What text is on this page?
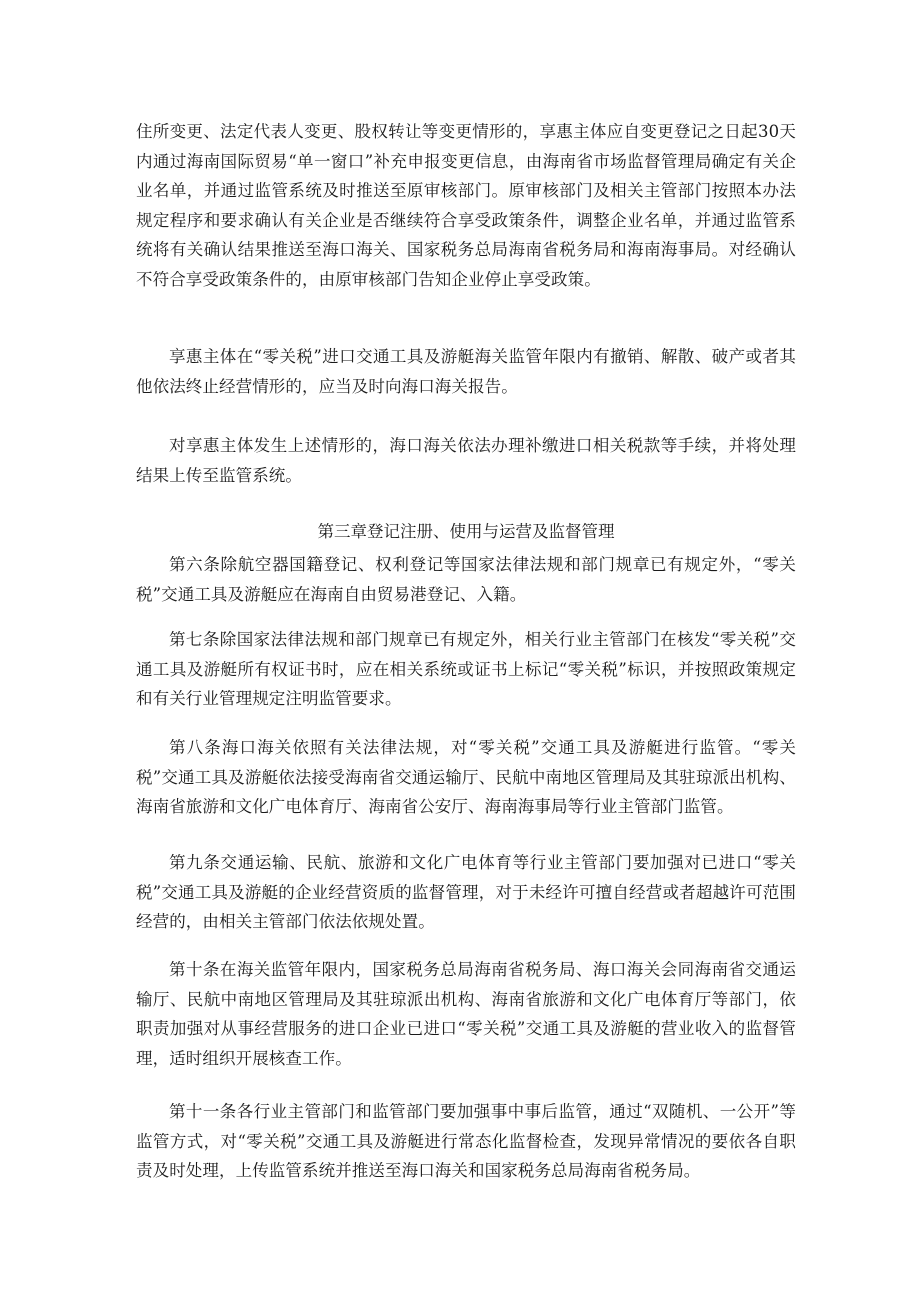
住所变更、法定代表人变更、股权转让等变更情形的，享惠主体应自变更登记之日起30天内通过海南国际贸易“单一窗口”补充申报变更信息，由海南省市场监督管理局确定有关企业名单，并通过监管系统及时推送至原审核部门。原审核部门及相关主管部门按照本办法规定程序和要求确认有关企业是否继续符合享受政策条件，调整企业名单，并通过监管系统将有关确认结果推送至海口海关、国家税务总局海南省税务局和海南海事局。对经确认不符合享受政策条件的，由原审核部门告知企业停止享受政策。

享惠主体在“零关税”进口交通工具及游艇海关监管年限内有撤销、解散、破产或者其他依法终止经营情形的，应当及时向海口海关报告。

对享惠主体发生上述情形的，海口海关依法办理补缴进口相关税款等手续，并将处理结果上传至监管系统。

第三章登记注册、使用与运营及监督管理

第六条除航空器国籍登记、权利登记等国家法律法规和部门规章已有规定外，“零关税”交通工具及游艇应在海南自由贸易港登记、入籍。

第七条除国家法律法规和部门规章已有规定外，相关行业主管部门在核发“零关税”交通工具及游艇所有权证书时，应在相关系统或证书上标记“零关税”标识，并按照政策规定和有关行业管理规定注明监管要求。

第八条海口海关依照有关法律法规，对“零关税”交通工具及游艇进行监管。“零关税”交通工具及游艇依法接受海南省交通运输厅、民航中南地区管理局及其驻琼派出机构、海南省旅游和文化广电体育厅、海南省公安厅、海南海事局等行业主管部门监管。

第九条交通运输、民航、旅游和文化广电体育等行业主管部门要加强对已进口“零关税”交通工具及游艇的企业经营资质的监督管理，对于未经许可擅自经营或者超越许可范围经营的，由相关主管部门依法依规处置。

第十条在海关监管年限内，国家税务总局海南省税务局、海口海关会同海南省交通运输厅、民航中南地区管理局及其驻琼派出机构、海南省旅游和文化广电体育厅等部门，依职责加强对从事经营服务的进口企业已进口“零关税”交通工具及游艇的营业收入的监督管理，适时组织开展核查工作。

第十一条各行业主管部门和监管部门要加强事中事后监管，通过“双随机、一公开”等监管方式，对“零关税”交通工具及游艇进行常态化监督检查，发现异常情况的要依各自职责及时处理，上传监管系统并推送至海口海关和国家税务总局海南省税务局。
